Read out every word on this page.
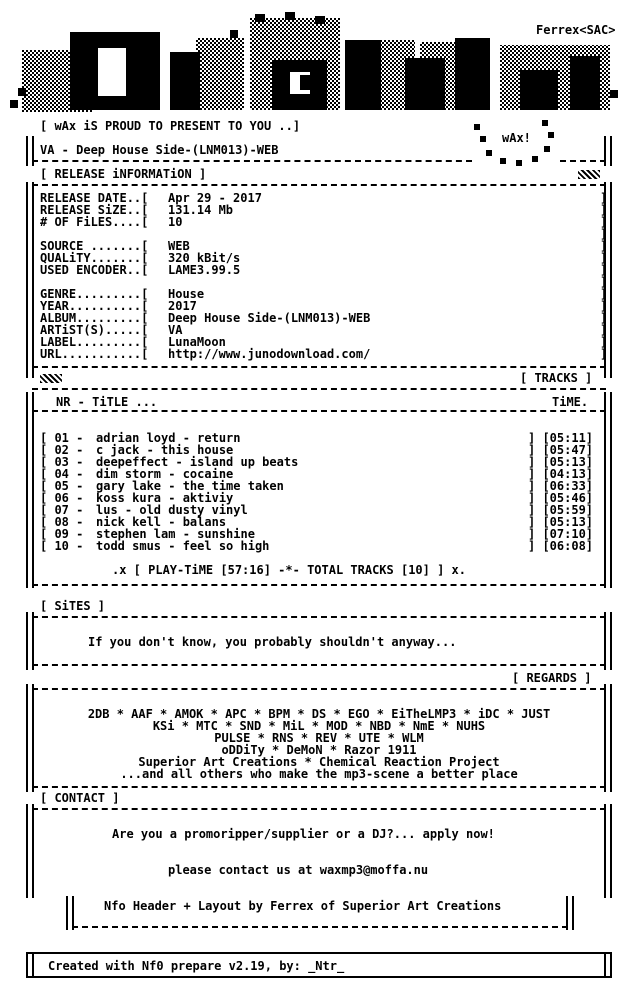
Ferrex<SAC>
[ wAx iS PROUD TO PRESENT TO YOU ..]
wAx!
VA - Deep House Side-(LNM013)-WEB
[ RELEASE iNFORMATiON ]
RELEASE DATE..[ Apr 29 - 2017	]
RELEASE SiZE..[ 131.14 Mb	]
# OF FiLES....[ 10	]
]
SOURCE .......[ WEB	]
QUALiTY.......[ 320 kBit/s	]
USED ENCODER..[ LAME3.99.5	]
]
GENRE.........[ House	]
YEAR..........[ 2017	]
ALBUM.........[ Deep House Side-(LNM013)-WEB	]
ARTiST(S).....[ VA	]
LABEL.........[ LunaMoon	]
URL...........[ http://www.junodownload.com/	]
[ TRACKS ]
NR - TiTLE ...	TiME.
[ 01 - adrian loyd - return	] [05:11]
[ 02 - c jack - this house	] [05:47]
[ 03 - deepeffect - island up beats	] [05:13]
[ 04 - dim storm - cocaine	] [04:13]
[ 05 - gary lake - the time taken	] [06:33]
[ 06 - koss kura - aktiviy	] [05:46]
[ 07 - lus - old dusty vinyl	] [05:59]
[ 08 - nick kell - balans	] [05:13]
[ 09 - stephen lam - sunshine	] [07:10]
[ 10 - todd smus - feel so high	] [06:08]
.x [ PLAY-TiME [57:16] -*- TOTAL TRACKS [10] ] x.
[ SiTES ]
If you don't know, you probably shouldn't anyway...
[ REGARDS ]
2DB * AAF * AMOK * APC * BPM * DS * EGO * EiTheLMP3 * iDC * JUST
KSi * MTC * SND * MiL * MOD * NBD * NmE * NUHS
PULSE * RNS * REV * UTE * WLM
oDDiTy * DeMoN * Razor 1911
Superior Art Creations * Chemical Reaction Project
...and all others who make the mp3-scene a better place
[ CONTACT ]
Are you a promoripper/supplier or a DJ?... apply now!
please contact us at waxmp3@moffa.nu
Nfo Header + Layout by Ferrex of Superior Art Creations
Created with Nf0 prepare v2.19, by: _Ntr_
